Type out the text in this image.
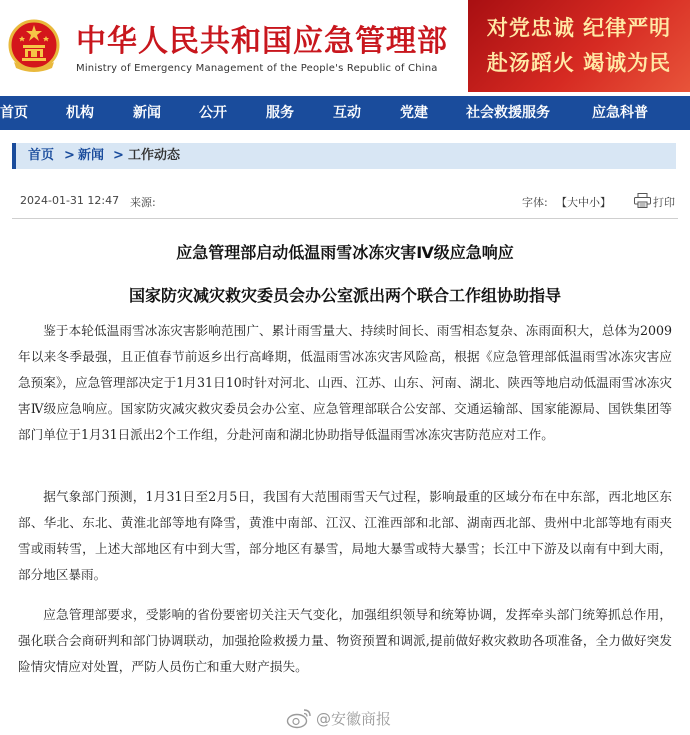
中华人民共和国应急管理部
Ministry of Emergency Management of the People's Republic of China
对党忠诚 纪律严明
赴汤蹈火 竭诚为民
首页	机构	新闻	公开	服务	互动	党建	社会救援服务	应急科普
首页 > 新闻 > 工作动态
2024-01-31 12:47 来源:	字体: 【大中小】	打印
应急管理部启动低温雨雪冰冻灾害Ⅳ级应急响应
国家防灾减灾救灾委员会办公室派出两个联合工作组协助指导

鉴于本轮低温雨雪冰冻灾害影响范围广、累计雨雪量大、持续时间长、雨雪相态复杂、冻雨面积大，总体为2009年以来冬季最强，且正值春节前返乡出行高峰期，低温雨雪冰冻灾害风险高，根据《应急管理部低温雨雪冰冻灾害应急预案》，应急管理部决定于1月31日10时针对河北、山西、江苏、山东、河南、湖北、陕西等地启动低温雨雪冰冻灾害Ⅳ级应急响应。国家防灾减灾救灾委员会办公室、应急管理部联合公安部、交通运输部、国家能源局、国铁集团等部门单位于1月31日派出2个工作组，分赴河南和湖北协助指导低温雨雪冰冻灾害防范应对工作。

据气象部门预测，1月31日至2月5日，我国有大范围雨雪天气过程，影响最重的区域分布在中东部，西北地区东部、华北、东北、黄淮北部等地有降雪，黄淮中南部、江汉、江淮西部和北部、湖南西北部、贵州中北部等地有雨夹雪或雨转雪，上述大部地区有中到大雪，部分地区有暴雪，局地大暴雪或特大暴雪；长江中下游及以南有中到大雨，部分地区暴雨。

应急管理部要求，受影响的省份要密切关注天气变化，加强组织领导和统筹协调，发挥牵头部门统筹抓总作用，强化联合会商研判和部门协调联动，加强抢险救援力量、物资预置和调派,提前做好救灾救助各项准备，全力做好突发险情灾情应对处置，严防人员伤亡和重大财产损失。

@安徽商报
